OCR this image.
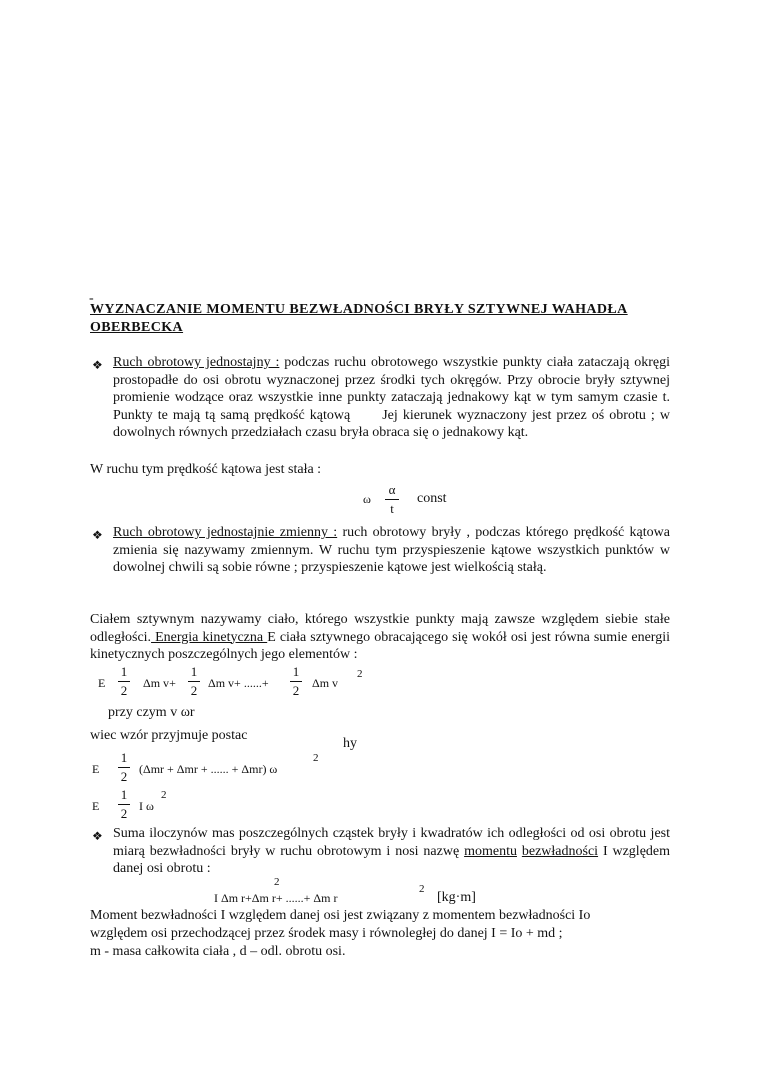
-
WYZNACZANIE MOMENTU BEZWŁADNOŚCI BRYŁY SZTYWNEJ WAHADŁA
OBERBECKA
❖ Ruch obrotowy jednostajny : podczas ruchu obrotowego wszystkie punkty ciała zataczają okręgi prostopadłe do osi obrotu wyznaczonej przez środki tych okręgów. Przy obrocie bryły sztywnej promienie wodzące oraz wszystkie inne punkty zataczają jednakowy kąt w tym samym czasie t. Punkty te mają tą samą prędkość kątową Jej kierunek wyznaczony jest przez oś obrotu ; w dowolnych równych przedziałach czasu bryła obraca się o jednakowy kąt.
W ruchu tym prędkość kątowa jest stała :
ω
α
t
const
❖ Ruch obrotowy jednostajnie zmienny : ruch obrotowy bryły , podczas którego prędkość kątowa zmienia się nazywamy zmiennym. W ruchu tym przyspieszenie kątowe wszystkich punktów w dowolnej chwili są sobie równe ; przyspieszenie kątowe jest wielkością stałą.
Ciałem sztywnym nazywamy ciało, którego wszystkie punkty mają zawsze względem siebie stałe odległości. Energia kinetyczna E ciała sztywnego obracającego się wokół osi jest równa sumie energii kinetycznych poszczególnych jego elementów :
E
1
2 Δm v+
1
2 Δm v+ ......+
1
2 Δm v
2
przy czym v ωr
wiec wzór przyjmuje postac
hy
E
1
2 (Δmr + Δmr + ...... + Δmr) ω
2
E
1
2 I ω
2
❖ Suma iloczynów mas poszczególnych cząstek bryły i kwadratów ich odległości od osi obrotu jest miarą bezwładności bryły w ruchu obrotowym i nosi nazwę momentu bezwładności I względem danej osi obrotu :
2
I Δm r+Δm r+ ......+ Δm r
2
[kg·m]
Moment bezwładności I względem danej osi jest związany z momentem bezwładności Io
względem osi przechodzącej przez środek masy i równoległej do danej I = Io + md ;
m - masa całkowita ciała , d – odl. obrotu osi.
